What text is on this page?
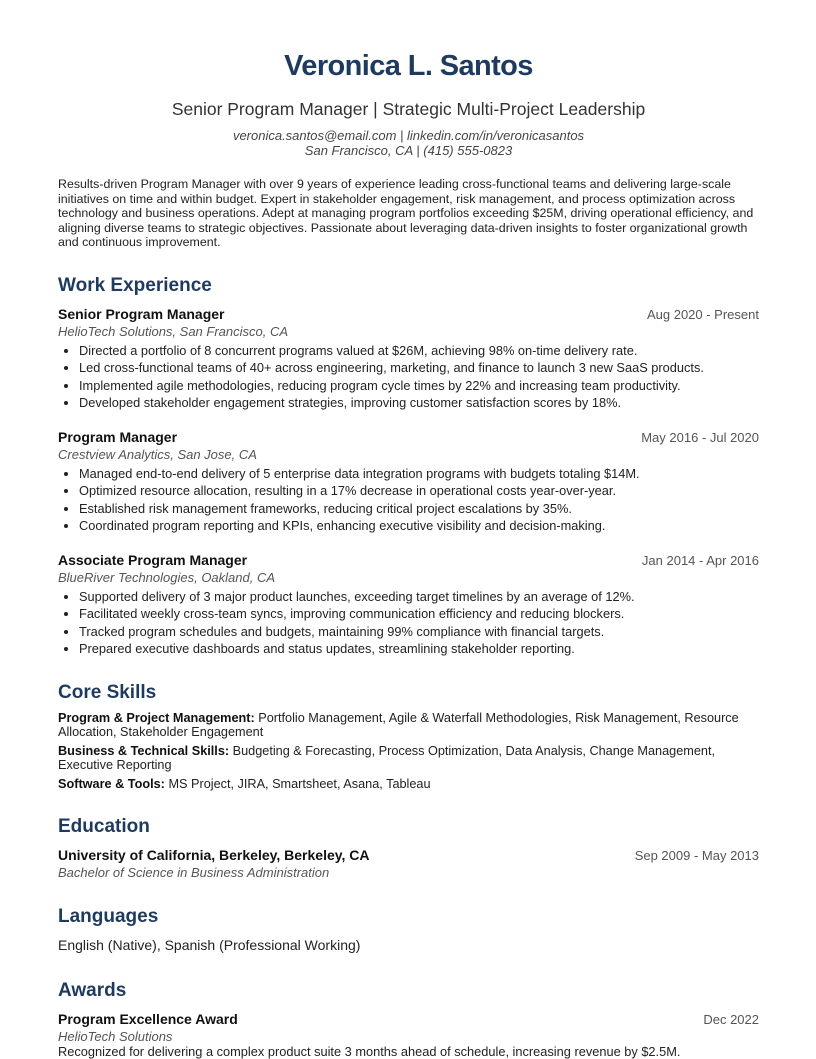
Veronica L. Santos
Senior Program Manager | Strategic Multi-Project Leadership
veronica.santos@email.com | linkedin.com/in/veronicasantos
San Francisco, CA | (415) 555-0823
Results-driven Program Manager with over 9 years of experience leading cross-functional teams and delivering large-scale initiatives on time and within budget. Expert in stakeholder engagement, risk management, and process optimization across technology and business operations. Adept at managing program portfolios exceeding $25M, driving operational efficiency, and aligning diverse teams to strategic objectives. Passionate about leveraging data-driven insights to foster organizational growth and continuous improvement.
Work Experience
Senior Program Manager	Aug 2020 - Present
HelioTech Solutions, San Francisco, CA
• Directed a portfolio of 8 concurrent programs valued at $26M, achieving 98% on-time delivery rate.
• Led cross-functional teams of 40+ across engineering, marketing, and finance to launch 3 new SaaS products.
• Implemented agile methodologies, reducing program cycle times by 22% and increasing team productivity.
• Developed stakeholder engagement strategies, improving customer satisfaction scores by 18%.
Program Manager	May 2016 - Jul 2020
Crestview Analytics, San Jose, CA
• Managed end-to-end delivery of 5 enterprise data integration programs with budgets totaling $14M.
• Optimized resource allocation, resulting in a 17% decrease in operational costs year-over-year.
• Established risk management frameworks, reducing critical project escalations by 35%.
• Coordinated program reporting and KPIs, enhancing executive visibility and decision-making.
Associate Program Manager	Jan 2014 - Apr 2016
BlueRiver Technologies, Oakland, CA
• Supported delivery of 3 major product launches, exceeding target timelines by an average of 12%.
• Facilitated weekly cross-team syncs, improving communication efficiency and reducing blockers.
• Tracked program schedules and budgets, maintaining 99% compliance with financial targets.
• Prepared executive dashboards and status updates, streamlining stakeholder reporting.
Core Skills
Program & Project Management: Portfolio Management, Agile & Waterfall Methodologies, Risk Management, Resource Allocation, Stakeholder Engagement
Business & Technical Skills: Budgeting & Forecasting, Process Optimization, Data Analysis, Change Management, Executive Reporting
Software & Tools: MS Project, JIRA, Smartsheet, Asana, Tableau
Education
University of California, Berkeley, Berkeley, CA	Sep 2009 - May 2013
Bachelor of Science in Business Administration
Languages
English (Native), Spanish (Professional Working)
Awards
Program Excellence Award	Dec 2022
HelioTech Solutions
Recognized for delivering a complex product suite 3 months ahead of schedule, increasing revenue by $2.5M.
